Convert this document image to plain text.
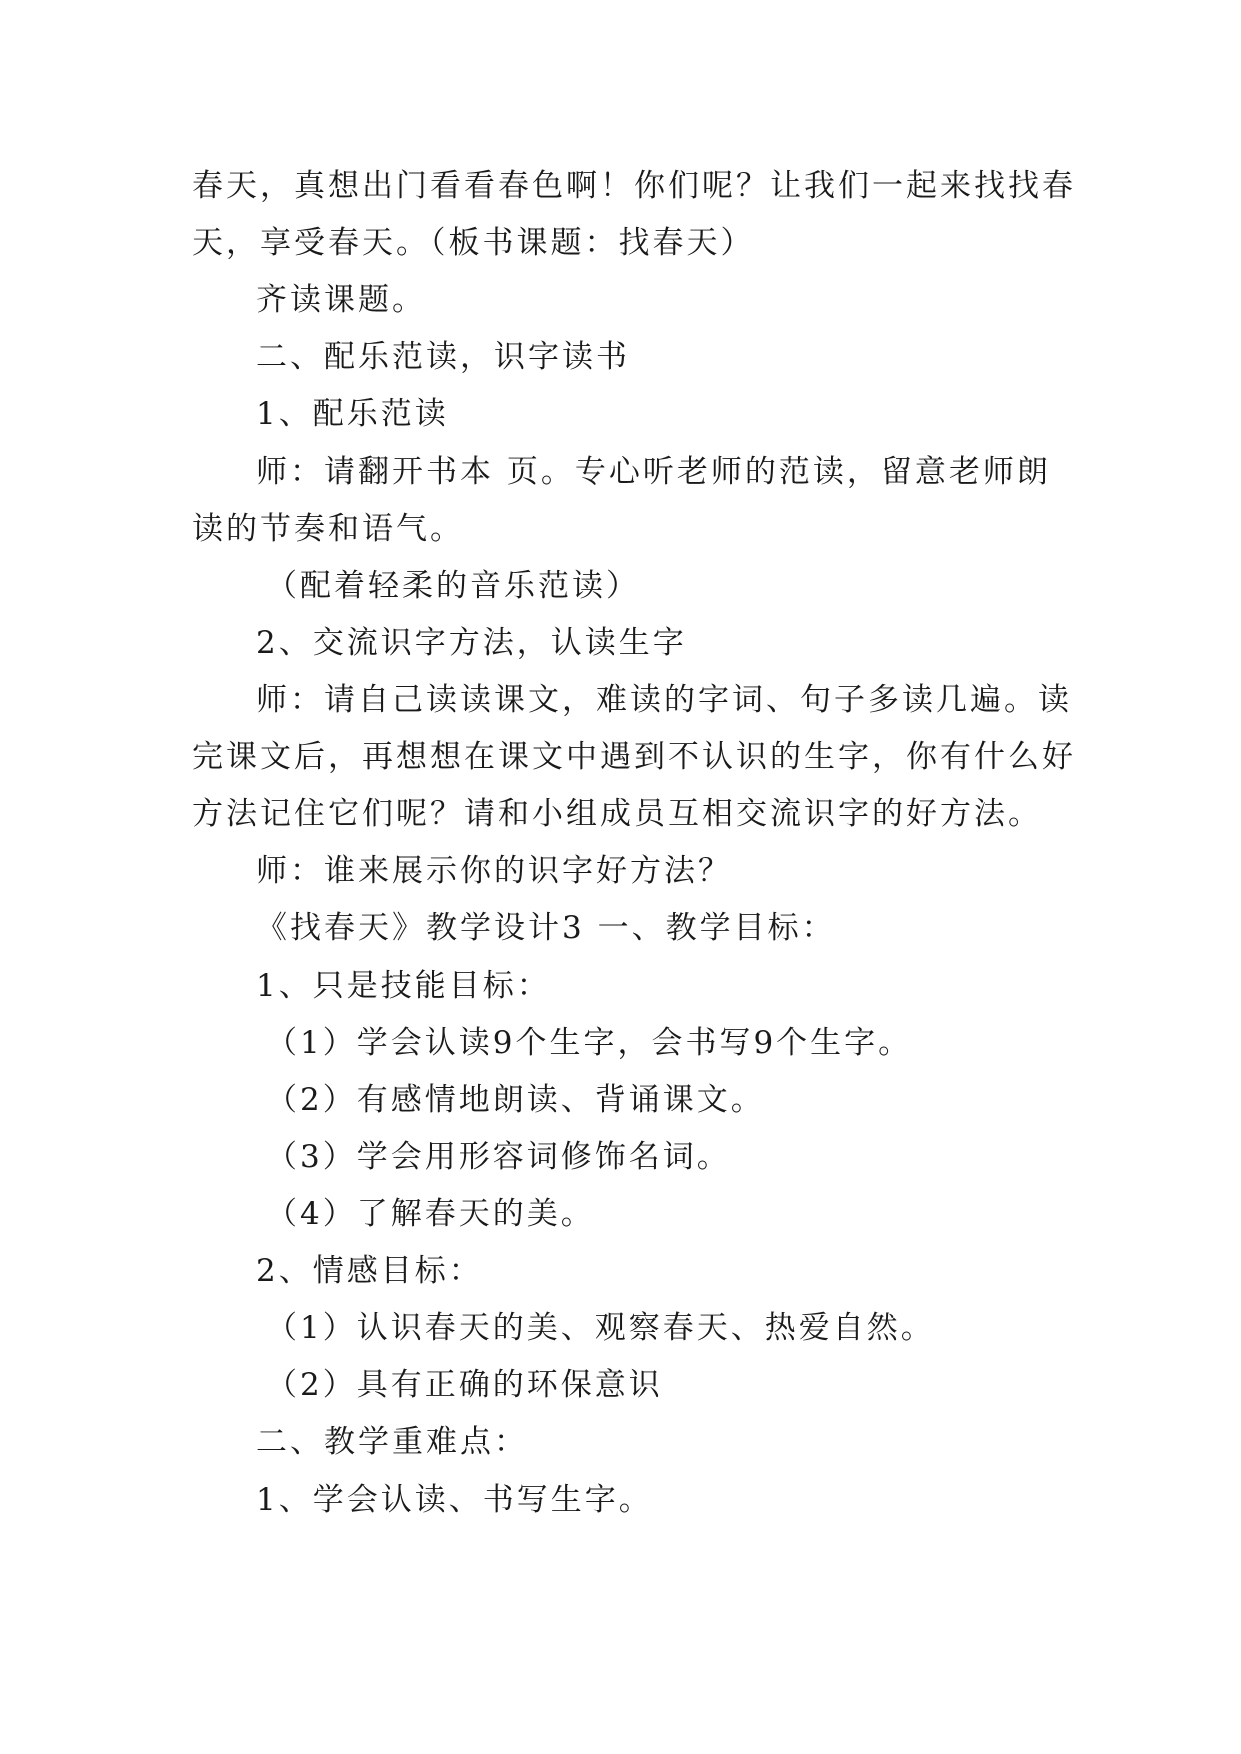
春天，真想出门看看春色啊！你们呢？让我们一起来找找春
天，享受春天。（板书课题：找春天）
齐读课题。
二、配乐范读，识字读书
1、配乐范读
师：请翻开书本 页。专心听老师的范读，留意老师朗
读的节奏和语气。
（配着轻柔的音乐范读）
2、交流识字方法，认读生字
师：请自己读读课文，难读的字词、句子多读几遍。读
完课文后，再想想在课文中遇到不认识的生字，你有什么好
方法记住它们呢？请和小组成员互相交流识字的好方法。
师：谁来展示你的识字好方法？
《找春天》教学设计3 一、教学目标：
1、只是技能目标：
（1）学会认读9个生字，会书写9个生字。
（2）有感情地朗读、背诵课文。
（3）学会用形容词修饰名词。
（4）了解春天的美。
2、情感目标：
（1）认识春天的美、观察春天、热爱自然。
（2）具有正确的环保意识
二、教学重难点：
1、学会认读、书写生字。
